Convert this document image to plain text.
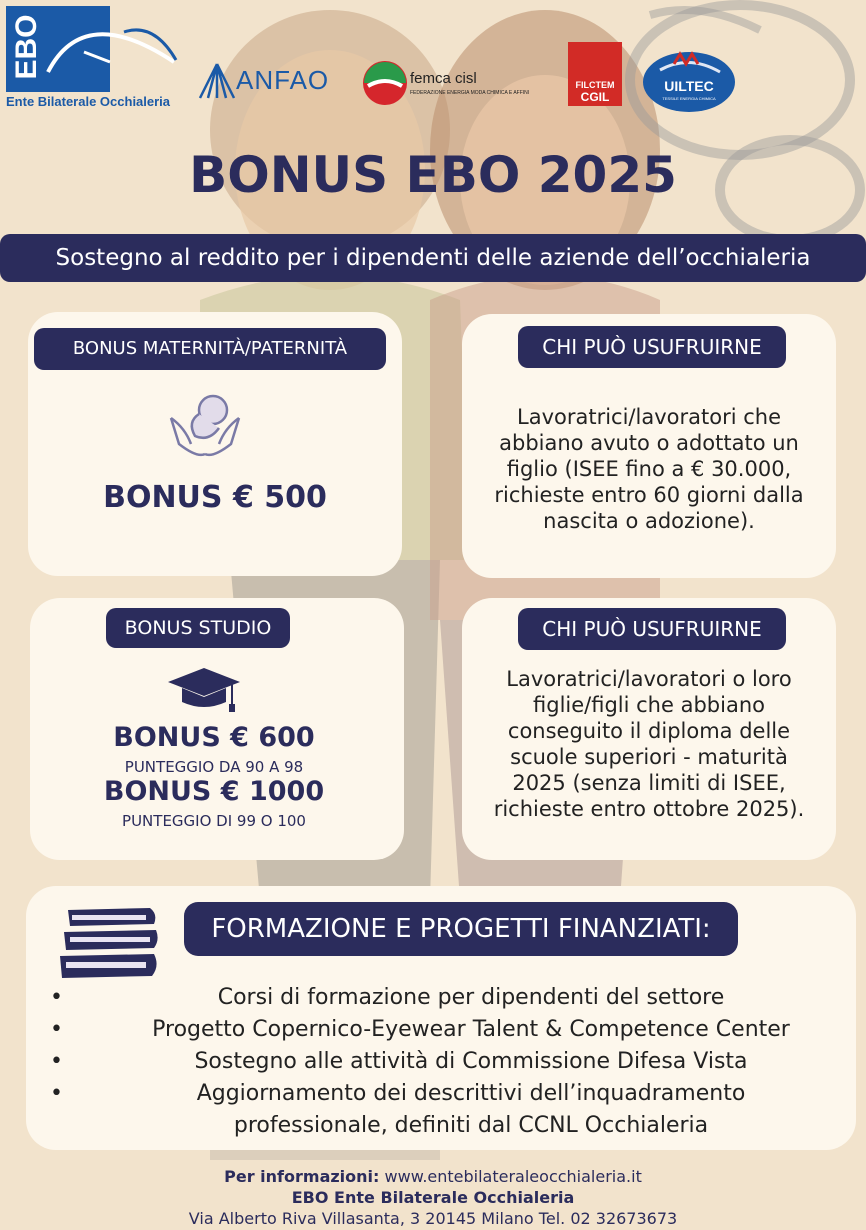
EBO
Ente Bilaterale Occhialeria
ANFAO	femca cisl
FEDERAZIONE ENERGIA MODA CHIMICA E AFFINI
FILCTEM
CGIL
UILTEC
TESSILE ENERGIA CHIMICA
BONUS EBO 2025
Sostegno al reddito per i dipendenti delle aziende dell’occhialeria
BONUS MATERNITÀ/PATERNITÀ
BONUS € 500
CHI PUÒ USUFRUIRNE
Lavoratrici/lavoratori che
abbiano avuto o adottato un
figlio (ISEE fino a € 30.000,
richieste entro 60 giorni dalla
nascita o adozione).
BONUS STUDIO
BONUS € 600
PUNTEGGIO DA 90 A 98
BONUS € 1000
PUNTEGGIO DI 99 O 100
CHI PUÒ USUFRUIRNE
Lavoratrici/lavoratori o loro
figlie/figli che abbiano
conseguito il diploma delle
scuole superiori - maturità
2025 (senza limiti di ISEE,
richieste entro ottobre 2025).
FORMAZIONE E PROGETTI FINANZIATI:
•	Corsi di formazione per dipendenti del settore
•	Progetto Copernico-Eyewear Talent & Competence Center
•	Sostegno alle attività di Commissione Difesa Vista
•	Aggiornamento dei descrittivi dell’inquadramento
professionale, definiti dal CCNL Occhialeria
Per informazioni: www.entebilateraleocchialeria.it
EBO Ente Bilaterale Occhialeria
Via Alberto Riva Villasanta, 3 20145 Milano Tel. 02 32673673
